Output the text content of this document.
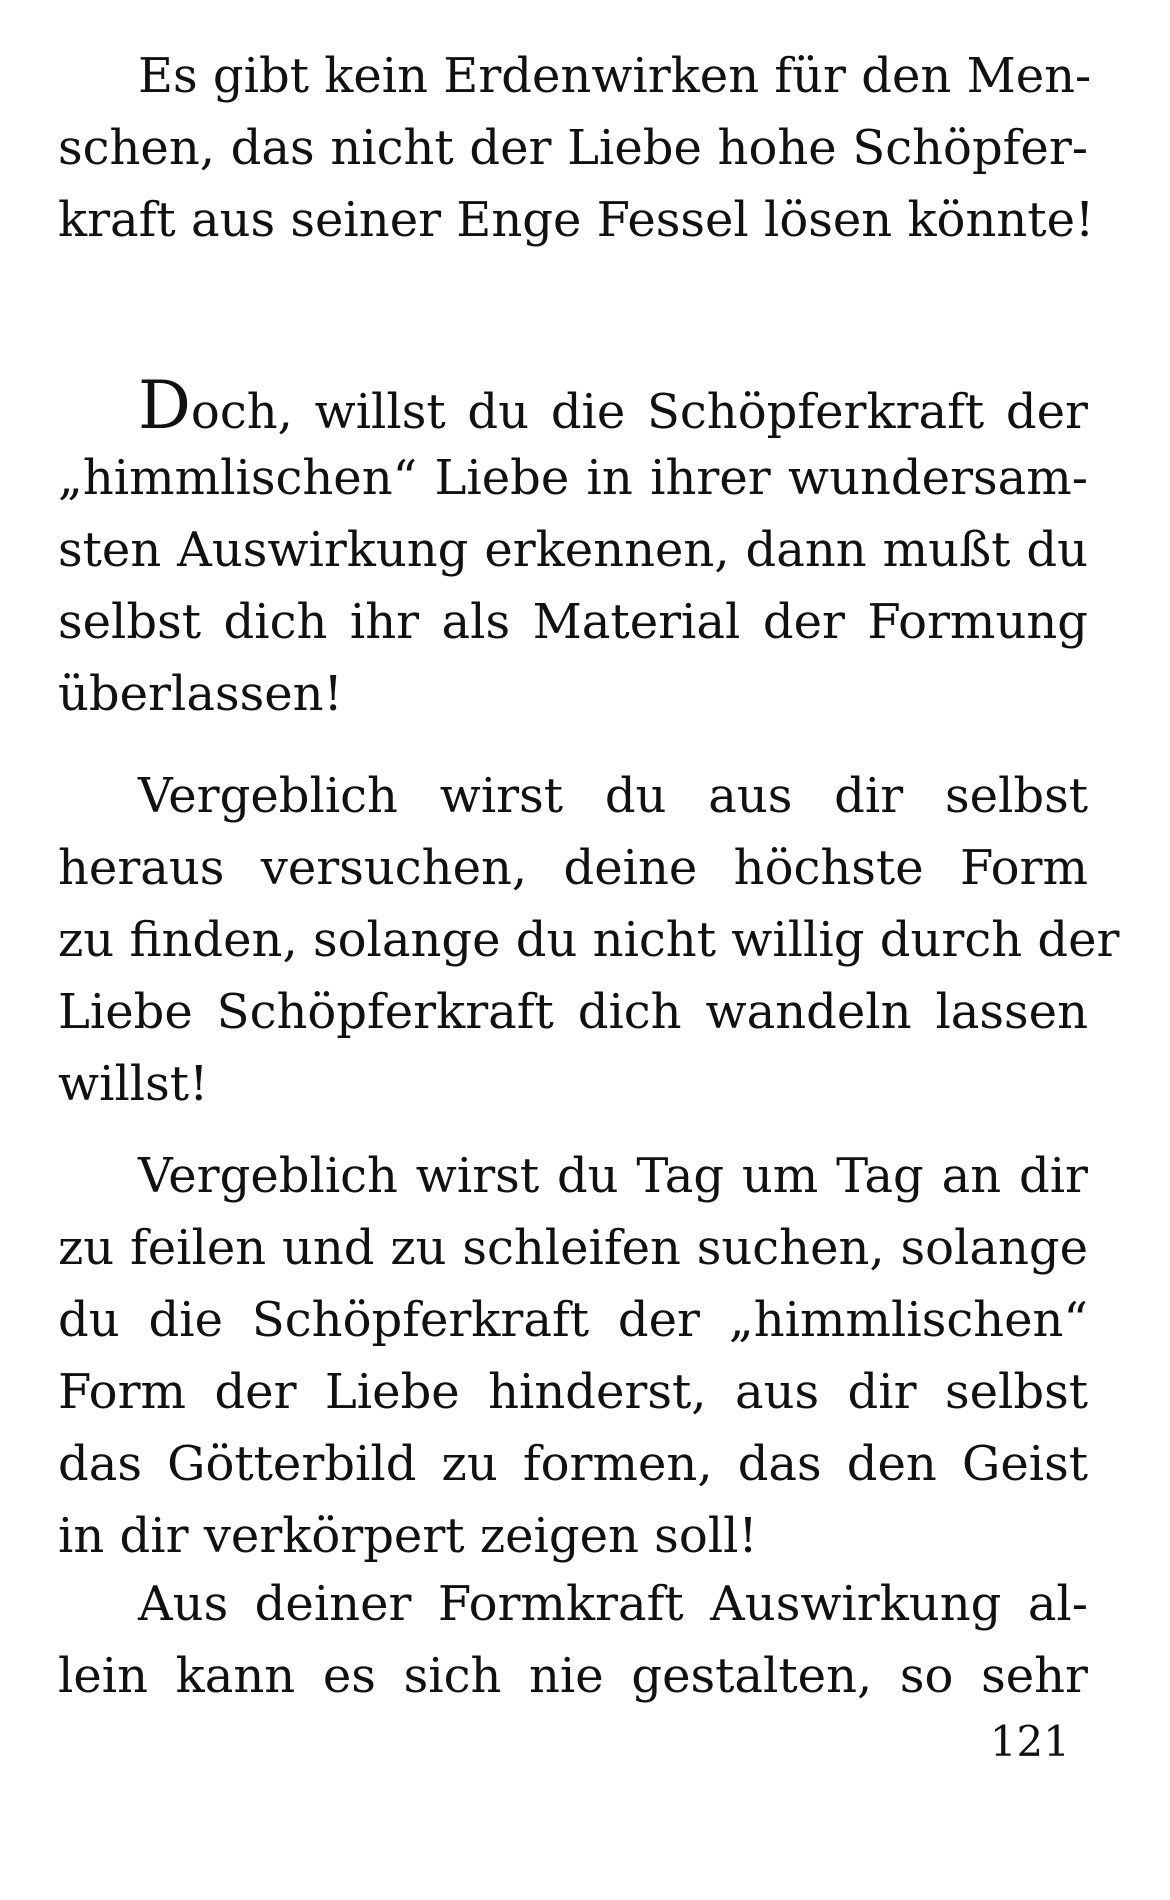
Es gibt kein Erdenwirken für den Men-
schen, das nicht der Liebe hohe Schöpfer-
kraft aus seiner Enge Fessel lösen könnte!
Doch, willst du die Schöpferkraft der
„himmlischen“ Liebe in ihrer wundersam-
sten Auswirkung erkennen, dann mußt du
selbst dich ihr als Material der Formung
überlassen!
Vergeblich wirst du aus dir selbst
heraus versuchen, deine höchste Form
zu finden, solange du nicht willig durch der
Liebe Schöpferkraft dich wandeln lassen
willst!
Vergeblich wirst du Tag um Tag an dir
zu feilen und zu schleifen suchen, solange
du die Schöpferkraft der „himmlischen“
Form der Liebe hinderst, aus dir selbst
das Götterbild zu formen, das den Geist
in dir verkörpert zeigen soll!
Aus deiner Formkraft Auswirkung al-
lein kann es sich nie gestalten, so sehr
121
